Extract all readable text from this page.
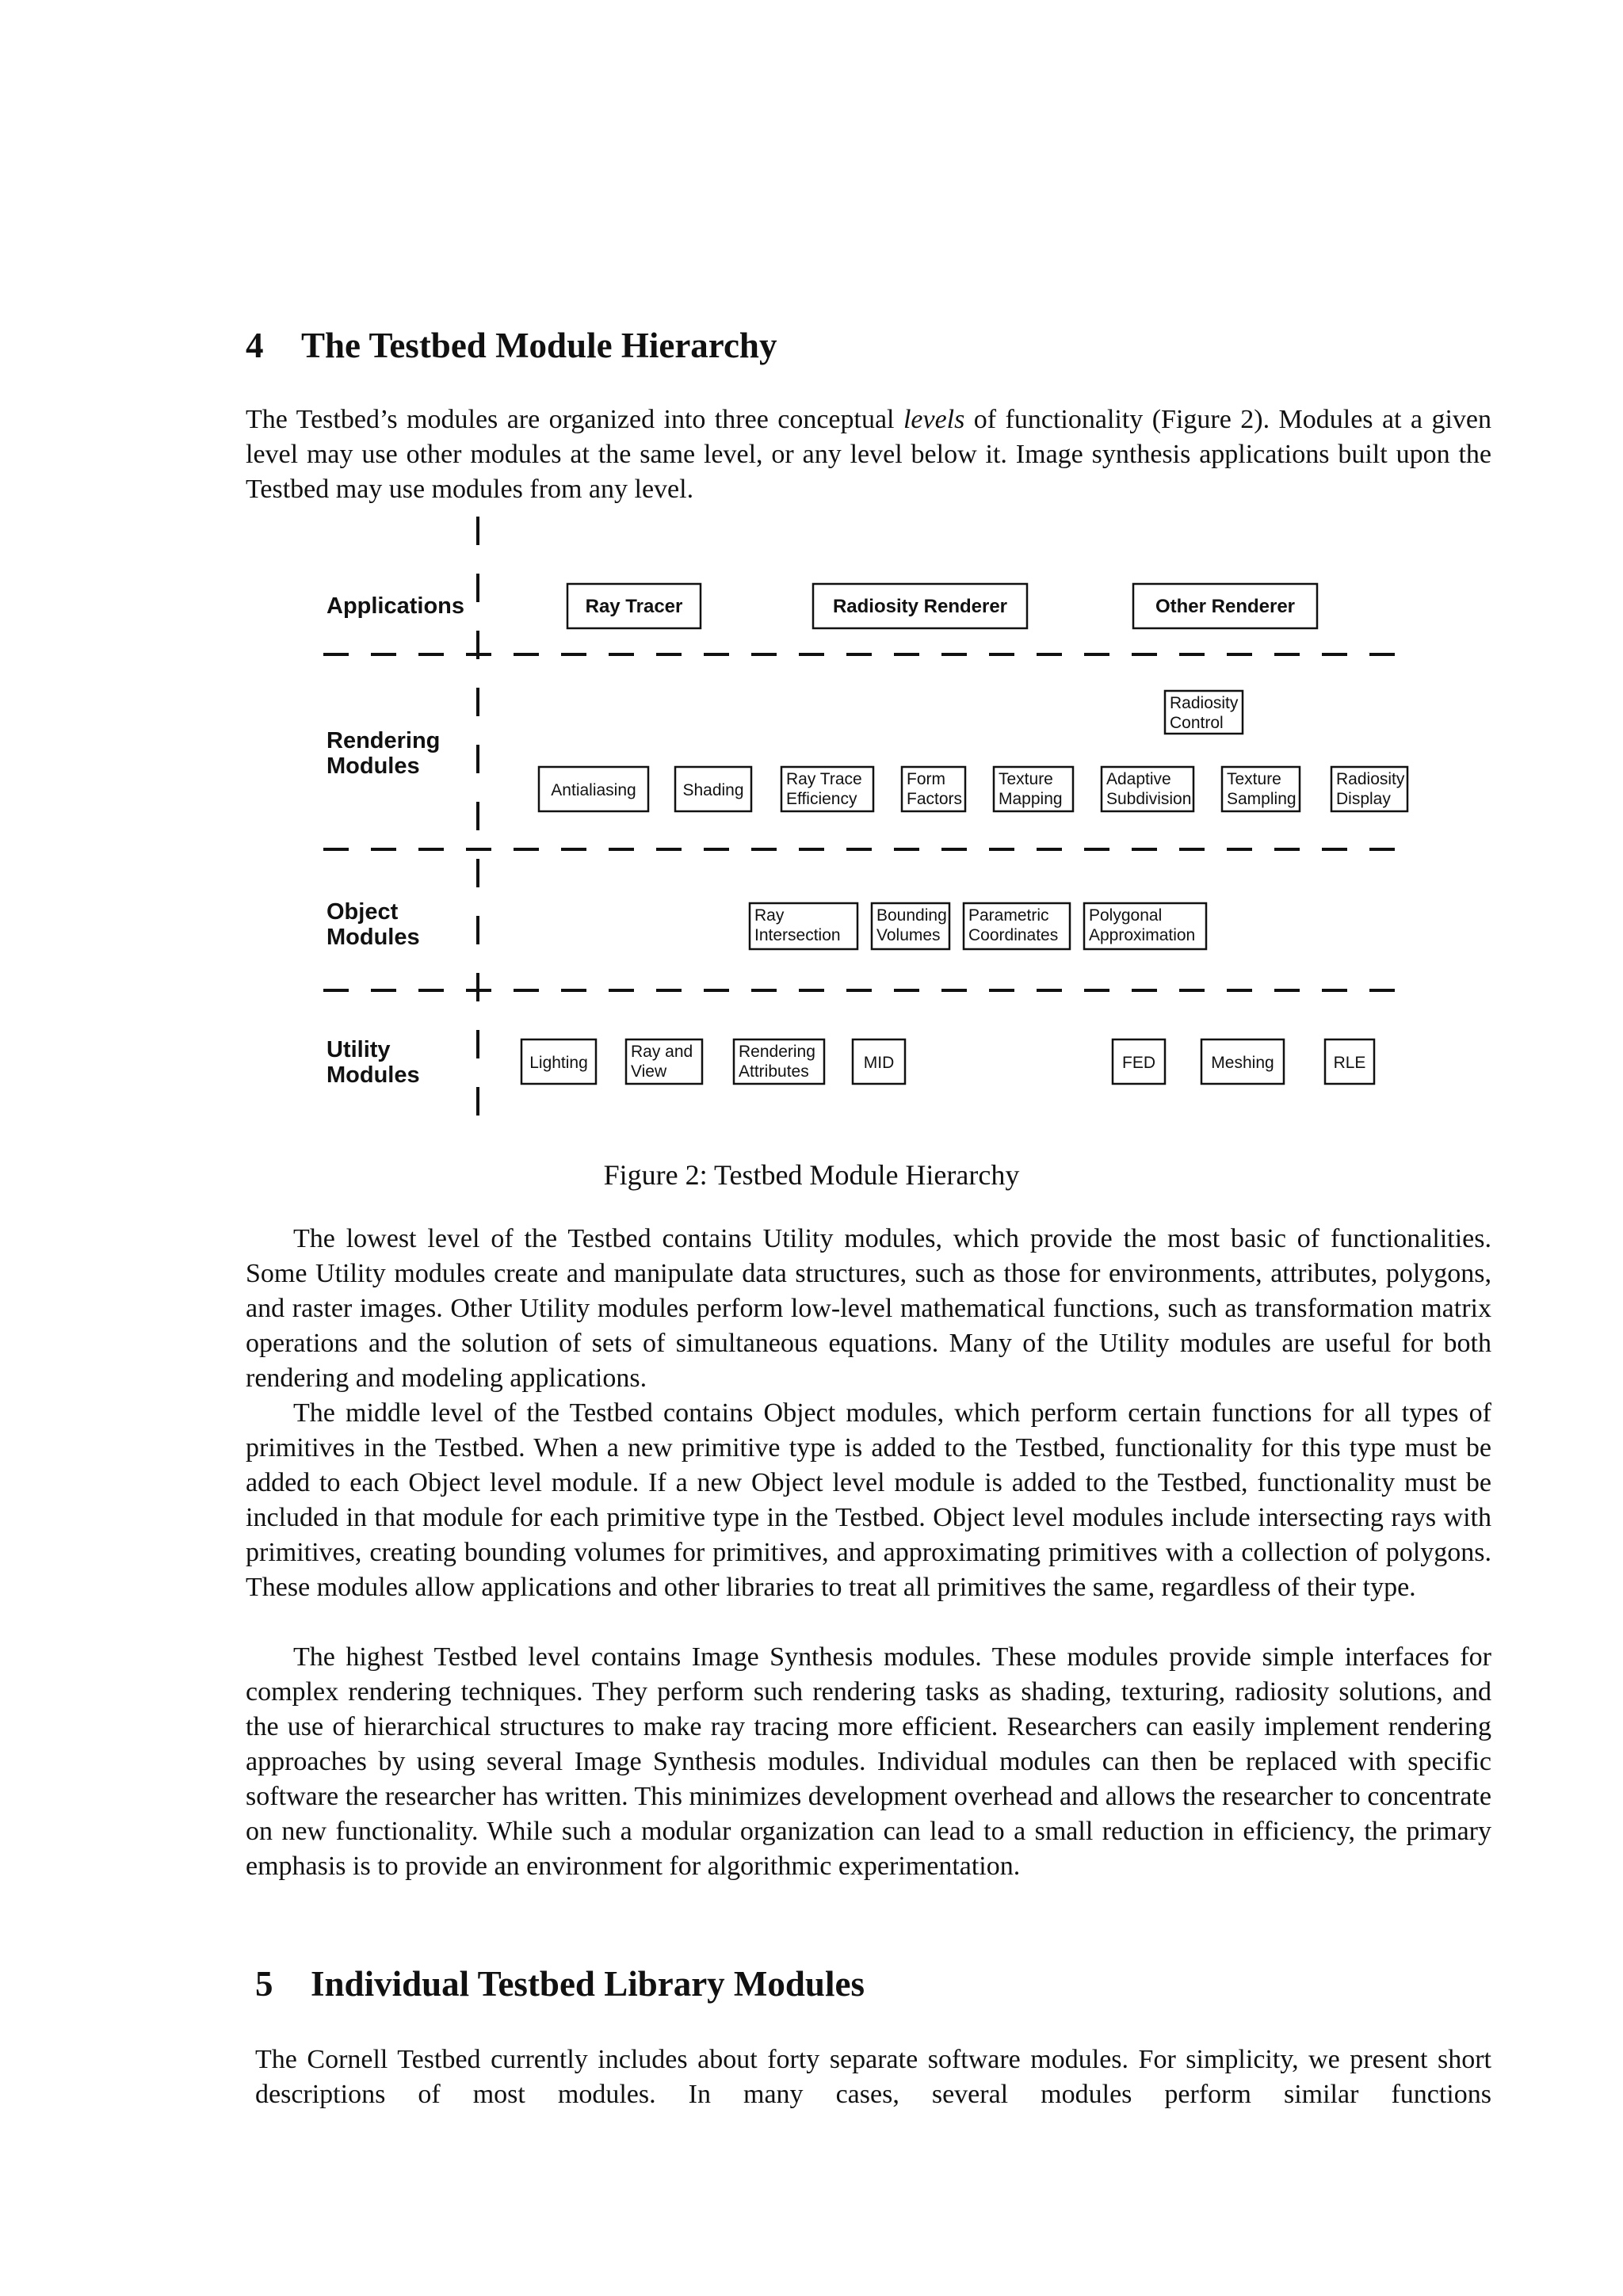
4 The Testbed Module Hierarchy

The Testbed’s modules are organized into three conceptual levels of functionality (Figure 2). Modules at a given level may use other modules at the same level, or any level below it. Image synthesis applications built upon the Testbed may use modules from any level.

Applications
Rendering
Modules
Object
Modules
Utility
Modules
Ray Tracer	Radiosity Renderer	Other Renderer
Radiosity
Control
Antialiasing	Shading
Ray Trace
Efficiency
Form
Factors
Texture
Mapping
Adaptive
Subdivision
Texture
Sampling
Radiosity
Display
Ray
Intersection
Bounding
Volumes
Parametric
Coordinates
Polygonal
Approximation
Lighting
Ray and
View
Rendering
Attributes	MID	FED	Meshing	RLE

Figure 2: Testbed Module Hierarchy

The lowest level of the Testbed contains Utility modules, which provide the most basic of functionalities. Some Utility modules create and manipulate data structures, such as those for environments, attributes, polygons, and raster images. Other Utility modules perform low-level mathematical functions, such as transformation matrix operations and the solution of sets of simultaneous equations. Many of the Utility modules are useful for both rendering and modeling applications.

The middle level of the Testbed contains Object modules, which perform certain functions for all types of primitives in the Testbed. When a new primitive type is added to the Testbed, functionality for this type must be added to each Object level module. If a new Object level module is added to the Testbed, functionality must be included in that module for each primitive type in the Testbed. Object level modules include intersecting rays with primitives, creating bounding volumes for primitives, and approximating primitives with a collection of polygons. These modules allow applications and other libraries to treat all primitives the same, regardless of their type.

The highest Testbed level contains Image Synthesis modules. These modules provide simple interfaces for complex rendering techniques. They perform such rendering tasks as shading, texturing, radiosity solutions, and the use of hierarchical structures to make ray tracing more efficient. Researchers can easily implement rendering approaches by using several Image Synthesis modules. Individual modules can then be replaced with specific software the researcher has written. This minimizes development overhead and allows the researcher to concentrate on new functionality. While such a modular organization can lead to a small reduction in efficiency, the primary emphasis is to provide an environment for algorithmic experimentation.

5 Individual Testbed Library Modules

The Cornell Testbed currently includes about forty separate software modules. For simplicity, we present short descriptions of most modules. In many cases, several modules perform similar functions
